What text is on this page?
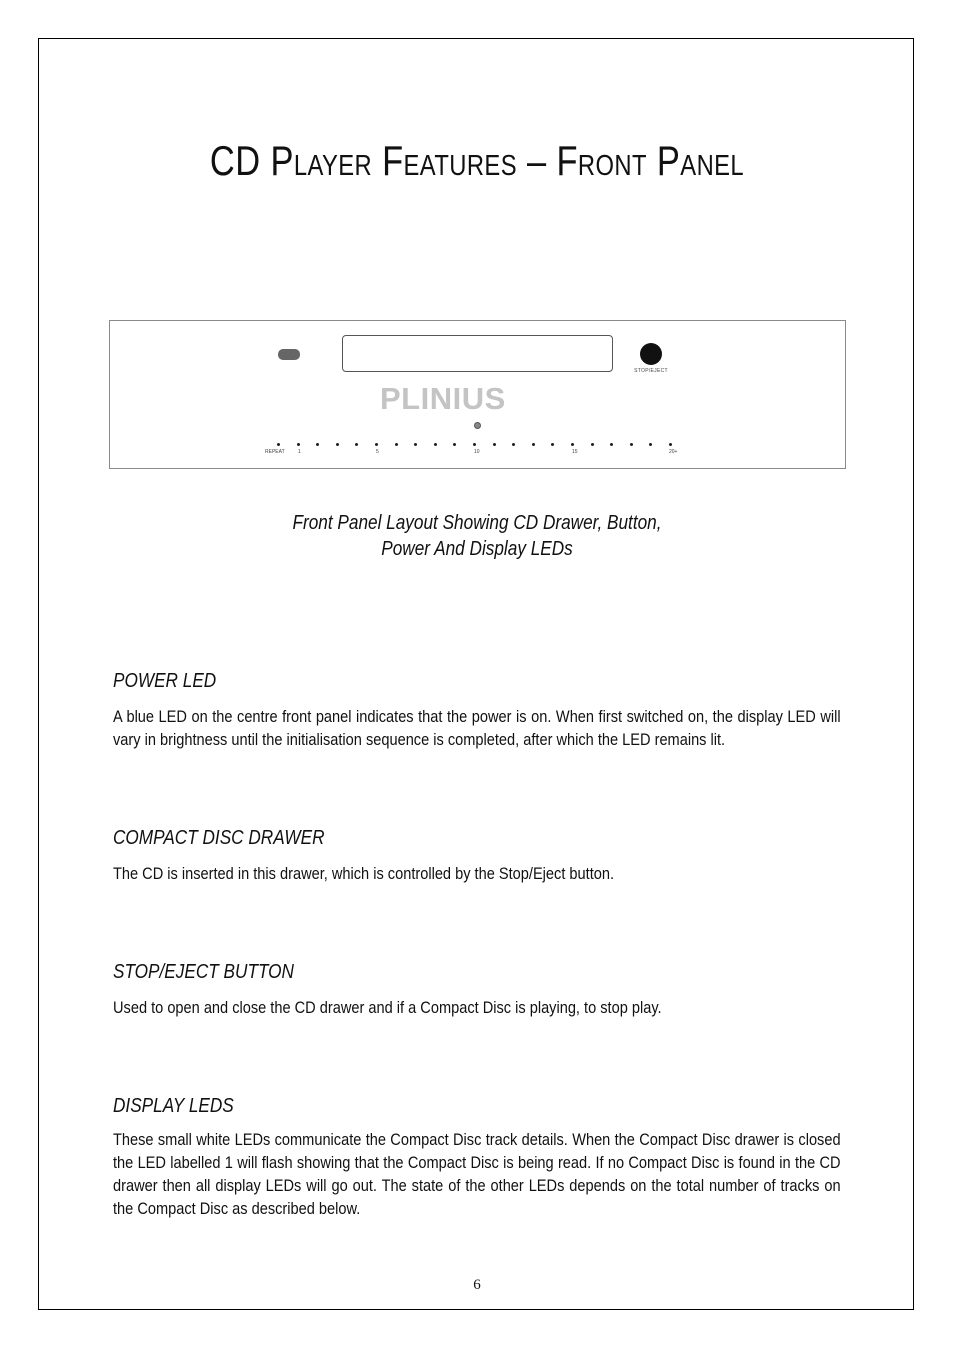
CD Player Features – Front Panel
STOP/EJECT
PLINIUS
REPEAT	1	5	10	15	20+
Front Panel Layout Showing CD Drawer, Button,
Power And Display LEDs
POWER LED
A blue LED on the centre front panel indicates that the power is on. When first switched on, the display LED will vary in brightness until the initialisation sequence is completed, after which the LED remains lit.
COMPACT DISC DRAWER
The CD is inserted in this drawer, which is controlled by the Stop/Eject button.
STOP/EJECT BUTTON
Used to open and close the CD drawer and if a Compact Disc is playing, to stop play.
DISPLAY LEDS
These small white LEDs communicate the Compact Disc track details. When the Compact Disc drawer is closed the LED labelled 1 will flash showing that the Compact Disc is being read. If no Compact Disc is found in the CD drawer then all display LEDs will go out. The state of the other LEDs depends on the total number of tracks on the Compact Disc as described below.
6
